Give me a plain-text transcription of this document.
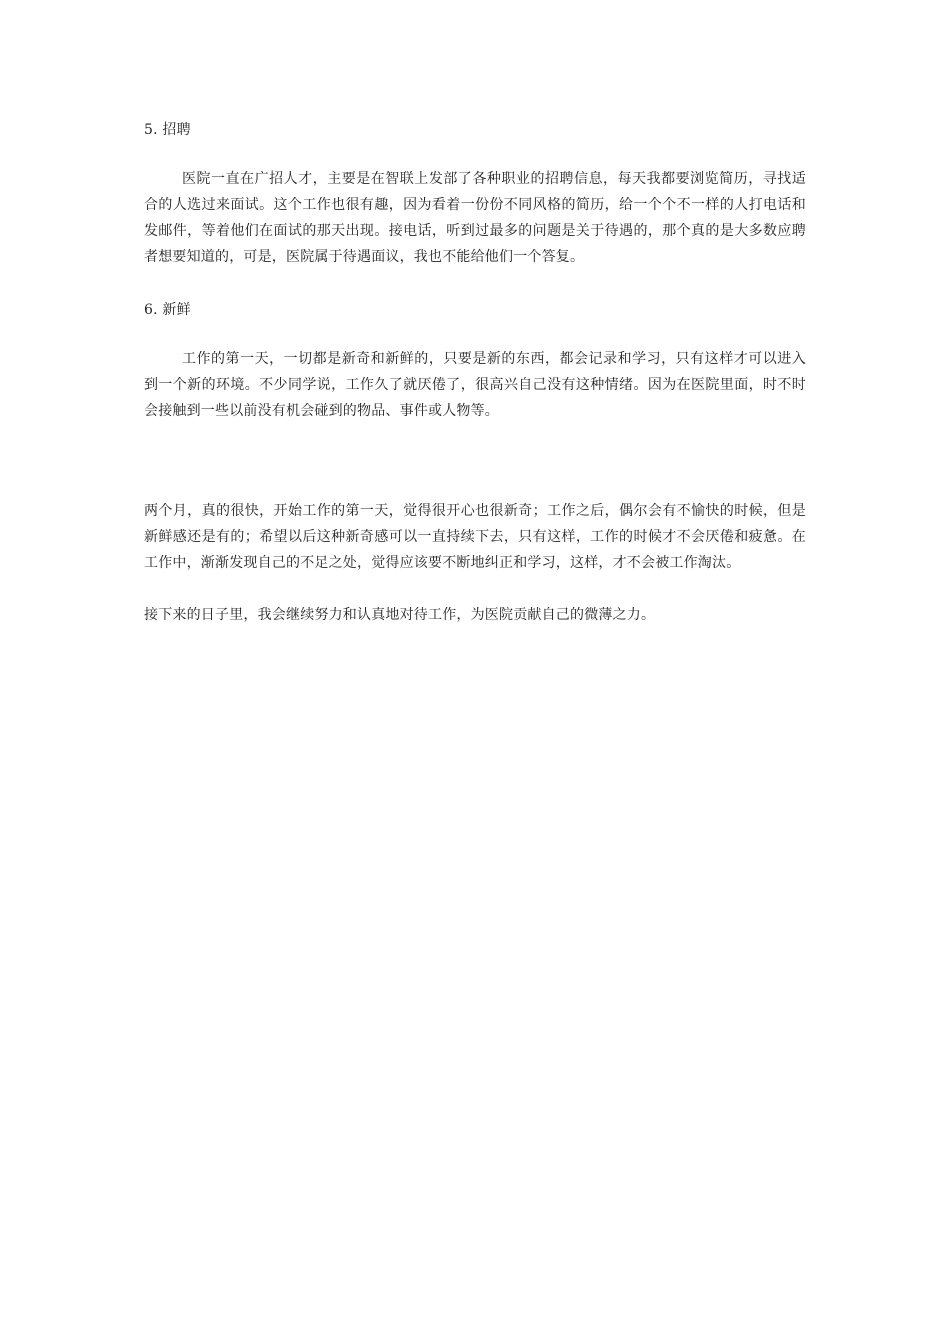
5. 招聘

医院一直在广招人才，主要是在智联上发部了各种职业的招聘信息，每天我都要浏览简历，寻找适合的人选过来面试。这个工作也很有趣，因为看着一份份不同风格的简历，给一个个不一样的人打电话和发邮件，等着他们在面试的那天出现。接电话，听到过最多的问题是关于待遇的，那个真的是大多数应聘者想要知道的，可是，医院属于待遇面议，我也不能给他们一个答复。

6. 新鲜

工作的第一天，一切都是新奇和新鲜的，只要是新的东西，都会记录和学习，只有这样才可以进入到一个新的环境。不少同学说，工作久了就厌倦了，很高兴自己没有这种情绪。因为在医院里面，时不时会接触到一些以前没有机会碰到的物品、事件或人物等。

两个月，真的很快，开始工作的第一天，觉得很开心也很新奇；工作之后，偶尔会有不愉快的时候，但是新鲜感还是有的；希望以后这种新奇感可以一直持续下去，只有这样，工作的时候才不会厌倦和疲惫。在工作中，渐渐发现自己的不足之处，觉得应该要不断地纠正和学习，这样，才不会被工作淘汰。

接下来的日子里，我会继续努力和认真地对待工作，为医院贡献自己的微薄之力。
